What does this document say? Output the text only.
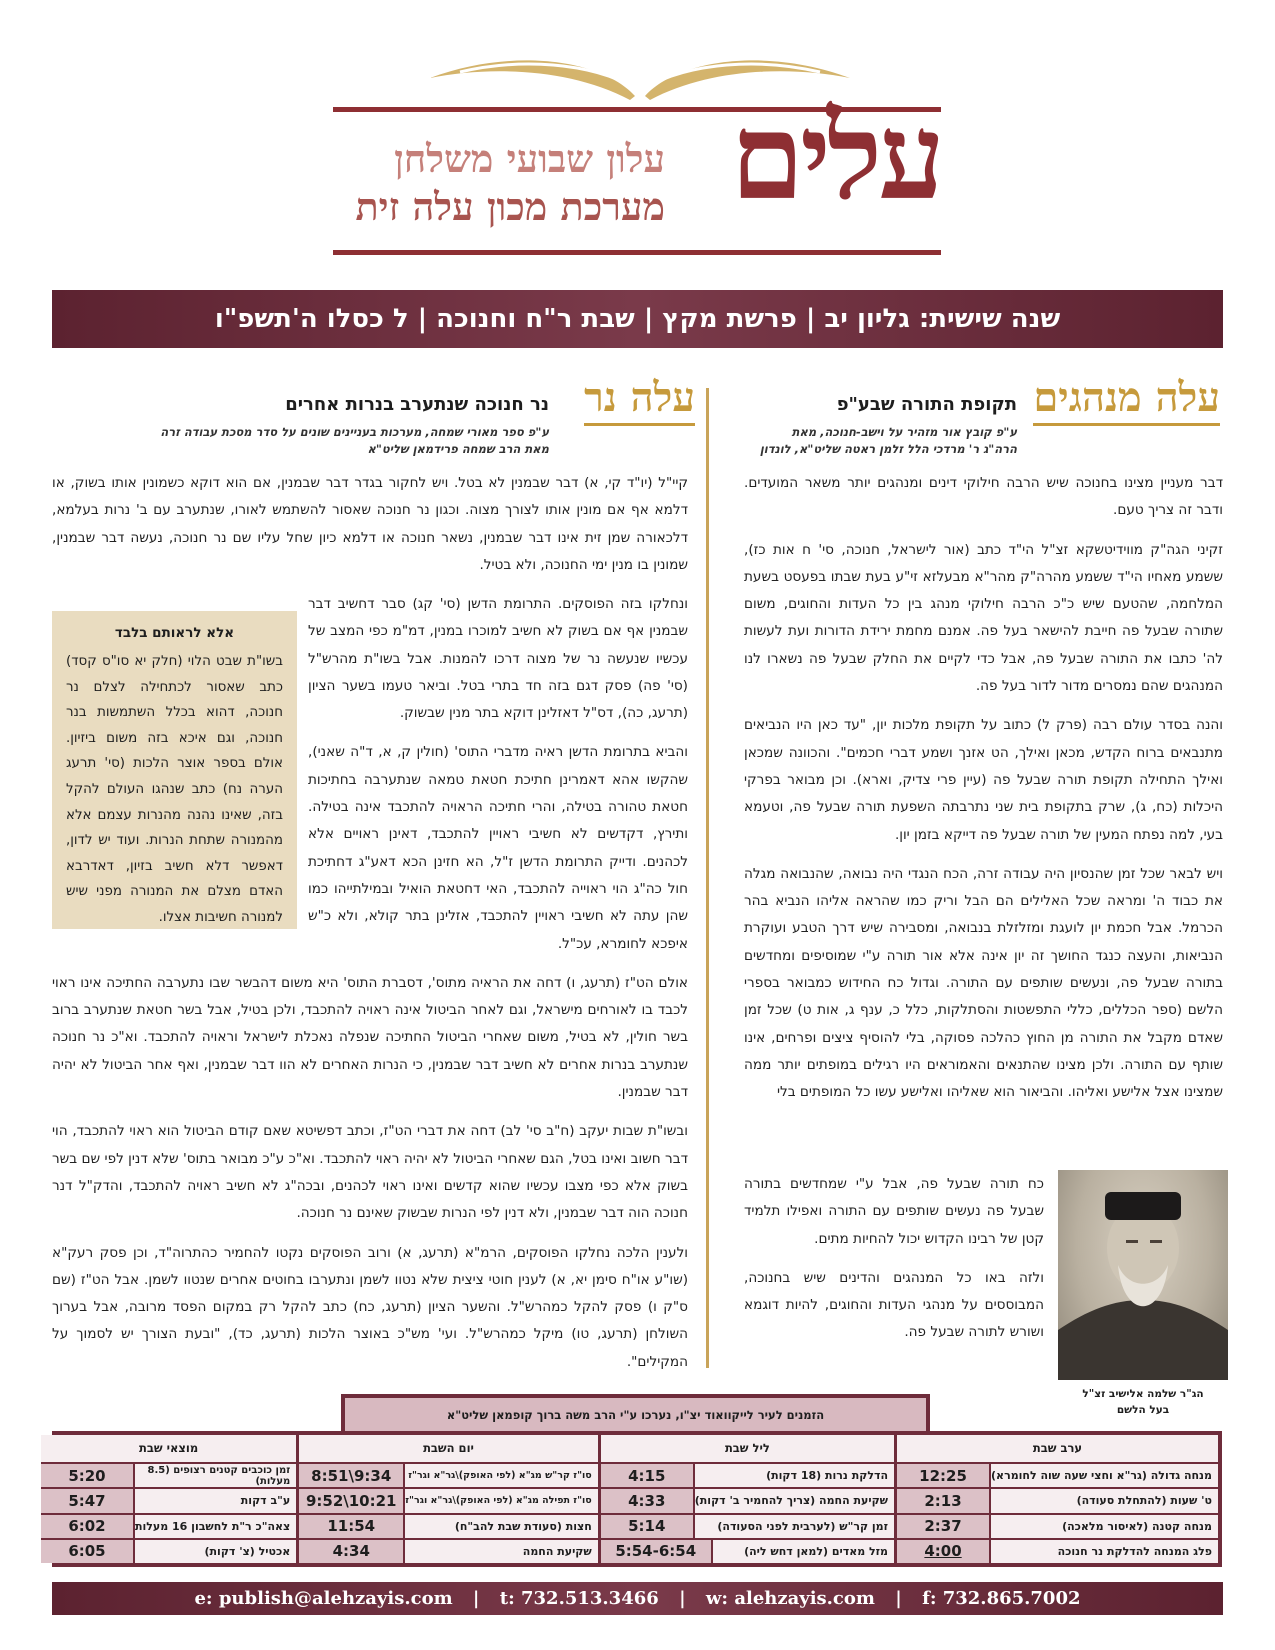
עלים
עלון שבועי משלחן
מערכת מכון עלה זית
שנה שישית: גליון יב | פרשת מקץ | שבת ר"ח וחנוכה | ל כסלו ה'תשפ"ו
עלה מנהגים
תקופת התורה שבע"פ
ע"פ קובץ אור מזהיר על וישב-חנוכה, מאת
הרה"ג ר' מרדכי הלל זלמן ראטה שליט"א, לונדון
עלה נר
נר חנוכה שנתערב בנרות אחרים
ע"פ ספר מאורי שמחה, מערכות בעניינים שונים על סדר מסכת עבודה זרה
מאת הרב שמחה פרידמאן שליט"א

דבר מעניין מצינו בחנוכה שיש הרבה חילוקי דינים ומנהגים יותר משאר המועדים. ודבר זה צריך טעם.

זקיני הגה"ק מווידיטשקא זצ"ל הי"ד כתב (אור לישראל, חנוכה, סי' ח אות כז), ששמע מאחיו הי"ד ששמע מהרה"ק מהר"א מבעלזא זי"ע בעת שבתו בפעסט בשעת המלחמה, שהטעם שיש כ"כ הרבה חילוקי מנהג בין כל העדות והחוגים, משום שתורה שבעל פה חייבת להישאר בעל פה. אמנם מחמת ירידת הדורות ועת לעשות לה' כתבו את התורה שבעל פה, אבל כדי לקיים את החלק שבעל פה נשארו לנו המנהגים שהם נמסרים מדור לדור בעל פה.

והנה בסדר עולם רבה (פרק ל) כתוב על תקופת מלכות יון, "עד כאן היו הנביאים מתנבאים ברוח הקדש, מכאן ואילך, הט אזנך ושמע דברי חכמים". והכוונה שמכאן ואילך התחילה תקופת תורה שבעל פה (עיין פרי צדיק, וארא). וכן מבואר בפרקי היכלות (כח, ג), שרק בתקופת בית שני נתרבתה השפעת תורה שבעל פה, וטעמא בעי, למה נפתח המעין של תורה שבעל פה דייקא בזמן יון.

ויש לבאר שכל זמן שהנסיון היה עבודה זרה, הכח הנגדי היה נבואה, שהנבואה מגלה את כבוד ה' ומראה שכל האלילים הם הבל וריק כמו שהראה אליהו הנביא בהר הכרמל. אבל חכמת יון לועגת ומזלזלת בנבואה, ומסבירה שיש דרך הטבע ועוקרת הנביאות, והעצה כנגד החושך זה יון אינה אלא אור תורה ע"י שמוסיפים ומחדשים בתורה שבעל פה, ונעשים שותפים עם התורה. וגדול כח החידוש כמבואר בספרי הלשם (ספר הכללים, כללי התפשטות והסתלקות, כלל כ, ענף ג, אות ט) שכל זמן שאדם מקבל את התורה מן החוץ כהלכה פסוקה, בלי להוסיף ציצים ופרחים, אינו שותף עם התורה. ולכן מצינו שהתנאים והאמוראים היו רגילים במופתים יותר ממה שמצינו אצל אלישע ואליהו. והביאור הוא שאליהו ואלישע עשו כל המופתים בלי

כח תורה שבעל פה, אבל ע"י שמחדשים בתורה שבעל פה נעשים שותפים עם התורה ואפילו תלמיד קטן של רבינו הקדוש יכול להחיות מתים.

ולזה באו כל המנהגים והדינים שיש בחנוכה, המבוססים על מנהגי העדות והחוגים, להיות דוגמא ושורש לתורה שבעל פה.

הג"ר שלמה אלישיב זצ"ל
בעל הלשם

קיי"ל (יו"ד קי, א) דבר שבמנין לא בטל. ויש לחקור בגדר דבר שבמנין, אם הוא דוקא כשמונין אותו בשוק, או דלמא אף אם מונין אותו לצורך מצוה. וכגון נר חנוכה שאסור להשתמש לאורו, שנתערב עם ב' נרות בעלמא, דלכאורה שמן זית אינו דבר שבמנין, נשאר חנוכה או דלמא כיון שחל עליו שם נר חנוכה, נעשה דבר שבמנין, שמונין בו מנין ימי החנוכה, ולא בטיל.

ונחלקו בזה הפוסקים. התרומת הדשן (סי' קג) סבר דחשיב דבר שבמנין אף אם בשוק לא חשיב למוכרו במנין, דמ"מ כפי המצב של עכשיו שנעשה נר של מצוה דרכו להמנות. אבל בשו"ת מהרש"ל (סי' פה) פסק דגם בזה חד בתרי בטל. וביאר טעמו בשער הציון (תרעג, כה), דס"ל דאזלינן דוקא בתר מנין שבשוק.

והביא בתרומת הדשן ראיה מדברי התוס' (חולין ק, א, ד"ה שאני), שהקשו אהא דאמרינן חתיכת חטאת טמאה שנתערבה בחתיכות חטאת טהורה בטילה, והרי חתיכה הראויה להתכבד אינה בטילה. ותירץ, דקדשים לא חשיבי ראויין להתכבד, דאינן ראויים אלא לכהנים. ודייק התרומת הדשן ז"ל, הא חזינן הכא דאע"ג דחתיכת חול כה"ג הוי ראוייה להתכבד, האי דחטאת הואיל ובמילתייהו כמו שהן עתה לא חשיבי ראויין להתכבד, אזלינן בתר קולא, ולא כ"ש איפכא לחומרא, עכ"ל.

אולם הט"ז (תרעג, ו) דחה את הראיה מתוס', דסברת התוס' היא משום דהבשר שבו נתערבה החתיכה אינו ראוי לכבד בו לאורחים מישראל, וגם לאחר הביטול אינה ראויה להתכבד, ולכן בטיל, אבל בשר חטאת שנתערב ברוב בשר חולין, לא בטיל, משום שאחרי הביטול החתיכה שנפלה נאכלת לישראל וראויה להתכבד. וא"כ נר חנוכה שנתערב בנרות אחרים לא חשיב דבר שבמנין, כי הנרות האחרים לא הוו דבר שבמנין, ואף אחר הביטול לא יהיה דבר שבמנין.

ובשו"ת שבות יעקב (ח"ב סי' לב) דחה את דברי הט"ז, וכתב דפשיטא שאם קודם הביטול הוא ראוי להתכבד, הוי דבר חשוב ואינו בטל, הגם שאחרי הביטול לא יהיה ראוי להתכבד. וא"כ ע"כ מבואר בתוס' שלא דנין לפי שם בשר בשוק אלא כפי מצבו עכשיו שהוא קדשים ואינו ראוי לכהנים, ובכה"ג לא חשיב ראויה להתכבד, והדק"ל דנר חנוכה הוה דבר שבמנין, ולא דנין לפי הנרות שבשוק שאינם נר חנוכה.

ולענין הלכה נחלקו הפוסקים, הרמ"א (תרעג, א) ורוב הפוסקים נקטו להחמיר כהתרוה"ד, וכן פסק רעק"א (שו"ע או"ח סימן יא, א) לענין חוטי ציצית שלא נטוו לשמן ונתערבו בחוטים אחרים שנטוו לשמן. אבל הט"ז (שם ס"ק ו) פסק להקל כמהרש"ל. והשער הציון (תרעג, כח) כתב להקל רק במקום הפסד מרובה, אבל בערוך השולחן (תרעג, טו) מיקל כמהרש"ל. ועי' מש"כ באוצר הלכות (תרעג, כד), "ובעת הצורך יש לסמוך על המקילים".

אלא לראותם בלבד
בשו"ת שבט הלוי (חלק יא סו"ס קסד) כתב שאסור לכתחילה לצלם נר חנוכה, דהוא בכלל השתמשות בנר חנוכה, וגם איכא בזה משום ביזיון. אולם בספר אוצר הלכות (סי' תרעג הערה נח) כתב שנהגו העולם להקל בזה, שאינו נהנה מהנרות עצמם אלא מהמנורה שתחת הנרות. ועוד יש לדון, דאפשר דלא חשיב בזיון, דאדרבא האדם מצלם את המנורה מפני שיש למנורה חשיבות אצלו.
הזמנים לעיר לייקוואוד יצ"ו, נערכו ע"י הרב משה ברוך קופמאן שליט"א
ערב שבת
מנחה גדולה (גר"א וחצי שעה שוה לחומרא)
12:25
ט' שעות (להתחלת סעודה)
2:13
מנחה קטנה (לאיסור מלאכה)
2:37
פלג המנחה להדלקת נר חנוכה
4:00
ליל שבת
הדלקת נרות (18 דקות)
4:15
שקיעת החמה (צריך להחמיר ב' דקות)
4:33
זמן קר"ש (לערבית לפני הסעודה)
5:14
מזל מאדים (למאן דחש ליה)
5:54-6:54
יום השבת
סו"ז קר"ש מג"א (לפי האופק)\גר"א וגר"ז
8:51\9:34
סו"ז תפילה מג"א (לפי האופק)\גר"א וגר"ז
9:52\10:21
חצות (סעודת שבת להב"ח)
11:54
שקיעת החמה
4:34
מוצאי שבת
זמן כוכבים קטנים רצופים (8.5 מעלות)
5:20
ע"ב דקות
5:47
צאה"כ ר"ת לחשבון 16 מעלות
6:02
אכטיל (צ' דקות)
6:05
e: publish@alehzayis.com | t: 732.513.3466 | w: alehzayis.com | f: 732.865.7002
